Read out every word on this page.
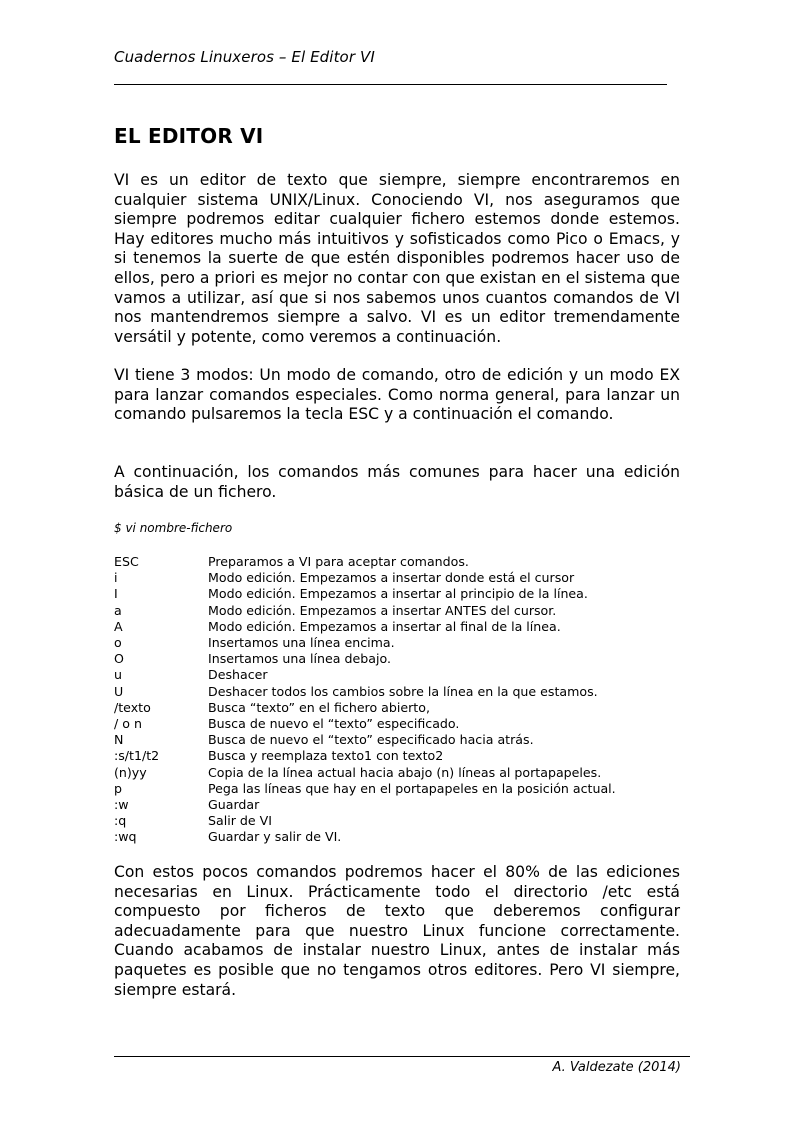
Cuadernos Linuxeros – El Editor VI
EL EDITOR VI

VI es un editor de texto que siempre, siempre encontraremos en cualquier sistema UNIX/Linux. Conociendo VI, nos aseguramos que siempre podremos editar cualquier fichero estemos donde estemos. Hay editores mucho más intuitivos y sofisticados como Pico o Emacs, y si tenemos la suerte de que estén disponibles podremos hacer uso de ellos, pero a priori es mejor no contar con que existan en el sistema que vamos a utilizar, así que si nos sabemos unos cuantos comandos de VI nos mantendremos siempre a salvo. VI es un editor tremendamente versátil y potente, como veremos a continuación.

VI tiene 3 modos: Un modo de comando, otro de edición y un modo EX para lanzar comandos especiales. Como norma general, para lanzar un comando pulsaremos la tecla ESC y a continuación el comando.

A continuación, los comandos más comunes para hacer una edición básica de un fichero.

$ vi nombre-fichero

ESC	Preparamos a VI para aceptar comandos.
i	Modo edición. Empezamos a insertar donde está el cursor
I	Modo edición. Empezamos a insertar al principio de la línea.
a	Modo edición. Empezamos a insertar ANTES del cursor.
A	Modo edición. Empezamos a insertar al final de la línea.
o	Insertamos una línea encima.
O	Insertamos una línea debajo.
u	Deshacer
U	Deshacer todos los cambios sobre la línea en la que estamos.
/texto	Busca “texto” en el fichero abierto,
/ o n	Busca de nuevo el “texto” especificado.
N	Busca de nuevo el “texto” especificado hacia atrás.
:s/t1/t2	Busca y reemplaza texto1 con texto2
(n)yy	Copia de la línea actual hacia abajo (n) líneas al portapapeles.
p	Pega las líneas que hay en el portapapeles en la posición actual.
:w	Guardar
:q	Salir de VI
:wq	Guardar y salir de VI.

Con estos pocos comandos podremos hacer el 80% de las ediciones necesarias en Linux. Prácticamente todo el directorio /etc está compuesto por ficheros de texto que deberemos configurar adecuadamente para que nuestro Linux funcione correctamente. Cuando acabamos de instalar nuestro Linux, antes de instalar más paquetes es posible que no tengamos otros editores. Pero VI siempre, siempre estará.

A. Valdezate (2014)
